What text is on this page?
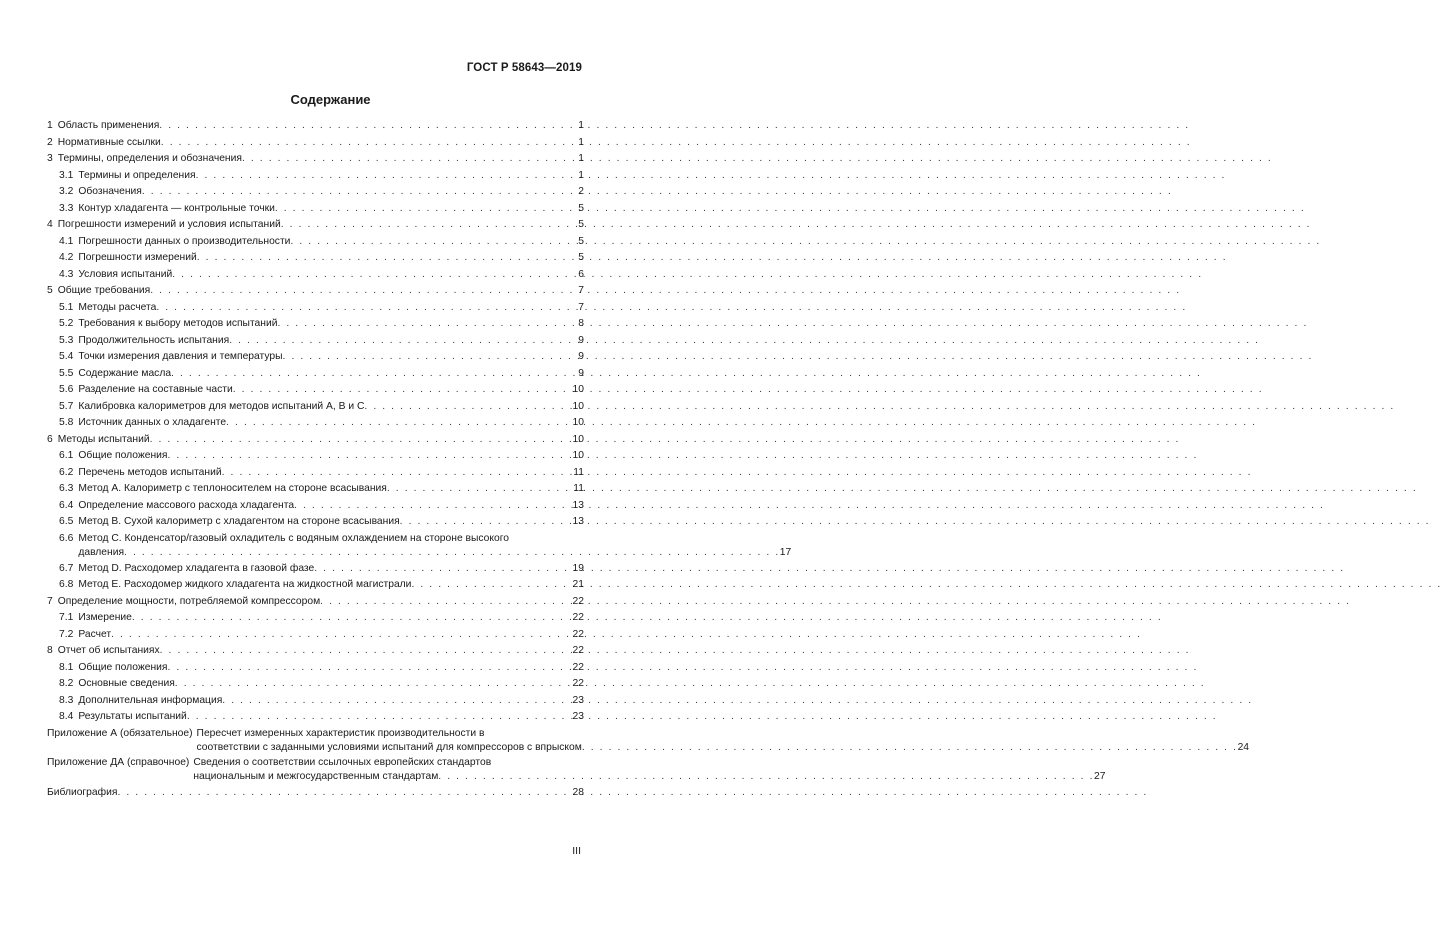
ГОСТ Р 58643—2019
Содержание
1 Область применения . . .	1
2 Нормативные ссылки . . .	1
3 Термины, определения и обозначения . . .	1
3.1 Термины и определения . . .	1
3.2 Обозначения . . .	2
3.3 Контур хладагента — контрольные точки . . .	5
4 Погрешности измерений и условия испытаний . . .	5
4.1 Погрешности данных о производительности . . .	5
4.2 Погрешности измерений . . .	5
4.3 Условия испытаний . . .	6
5 Общие требования . . .	7
5.1 Методы расчета . . .	7
5.2 Требования к выбору методов испытаний . . .	8
5.3 Продолжительность испытания . . .	9
5.4 Точки измерения давления и температуры . . .	9
5.5 Содержание масла . . .	9
5.6 Разделение на составные части . . .	10
5.7 Калибровка калориметров для методов испытаний A, B и C . . .	10
5.8 Источник данных о хладагенте . . .	10
6 Методы испытаний . . .	10
6.1 Общие положения . . .	10
6.2 Перечень методов испытаний . . .	11
6.3 Метод A. Калориметр с теплоносителем на стороне всасывания . . .	11
6.4 Определение массового расхода хладагента . . .	13
6.5 Метод B. Сухой калориметр с хладагентом на стороне всасывания . . .	13
6.6 Метод C. Конденсатор/газовый охладитель с водяным охлаждением на стороне высокого
давления . . .	17
6.7 Метод D. Расходомер хладагента в газовой фазе . . .	19
6.8 Метод E. Расходомер жидкого хладагента на жидкостной магистрали . . .	21
7 Определение мощности, потребляемой компрессором . . .	22
7.1 Измерение . . .	22
7.2 Расчет . . .	22
8 Отчет об испытаниях . . .	22
8.1 Общие положения . . .	22
8.2 Основные сведения . . .	22
8.3 Дополнительная информация . . .	23
8.4 Результаты испытаний . . .	23
Приложение А (обязательное) Пересчет измеренных характеристик производительности в
соответствии с заданными условиями испытаний для компрессоров с впрыском . . .	24
Приложение ДА (справочное) Сведения о соответствии ссылочных европейских стандартов
национальным и межгосударственным стандартам . . .	27
Библиография . . .	28
III
